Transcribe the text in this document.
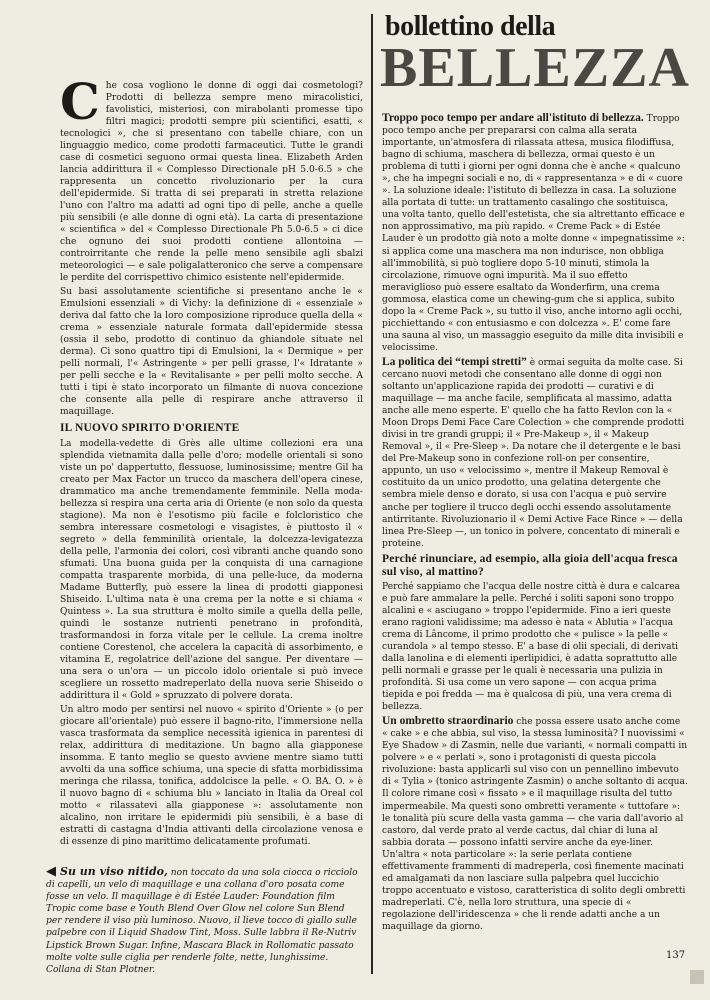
bollettino della
BELLEZZA

Che cosa vogliono le donne di oggi dai cosmetologi? Prodotti di bellezza sempre meno miracolistici, favolistici, misteriosi, con mirabolanti promesse tipo filtri magici; prodotti sempre più scientifici, esatti, « tecnologici », che si presentano con tabelle chiare, con un linguaggio medico, come prodotti farmaceutici. Tutte le grandi case di cosmetici seguono ormai questa linea. Elizabeth Arden lancia addirittura il « Complesso Directionale pH 5.0-6.5 » che rappresenta un concetto rivoluzionario per la cura dell'epidermide. Si tratta di sei preparati in stretta relazione l'uno con l'altro ma adatti ad ogni tipo di pelle, anche a quelle più sensibili (e alle donne di ogni età). La carta di presentazione « scientifica » del « Complesso Directionale Ph 5.0-6.5 » ci dice che ognuno dei suoi prodotti contiene allontoina — controirritante che rende la pelle meno sensibile agli sbalzi meteorologici — e sale poligalatteronico che serve a compensare le perdite del corrispettivo chimico esistente nell'epidermide.

Su basi assolutamente scientifiche si presentano anche le « Emulsioni essenziali » di Vichy: la definizione di « essenziale » deriva dal fatto che la loro composizione riproduce quella della « crema » essenziale naturale formata dall'epidermide stessa (ossia il sebo, prodotto di continuo da ghiandole situate nel derma). Ci sono quattro tipi di Emulsioni, la « Dermique » per pelli normali, l'« Astringente » per pelli grasse, l'« Idratante » per pelli secche e la « Revitalisante » per pelli molto secche. A tutti i tipi è stato incorporato un filmante di nuova concezione che consente alla pelle di respirare anche attraverso il maquillage.

IL NUOVO SPIRITO D'ORIENTE

La modella-vedette di Grès alle ultime collezioni era una splendida vietnamita dalla pelle d'oro; modelle orientali si sono viste un po' dappertutto, flessuose, luminosissime; mentre Gil ha creato per Max Factor un trucco da maschera dell'opera cinese, drammatico ma anche tremendamente femminile. Nella moda-bellezza si respira una certa aria di Oriente (e non solo da questa stagione). Ma non è l'esotismo più facile e folcloristico che sembra interessare cosmetologi e visagistes, è piuttosto il « segreto » della femminilità orientale, la dolcezza-levigatezza della pelle, l'armonia dei colori, così vibranti anche quando sono sfumati. Una buona guida per la conquista di una carnagione compatta trasparente morbida, di una pelle-luce, da moderna Madame Butterfly, può essere la linea di prodotti giapponesi Shiseido. L'ultima nata è una crema per la notte e si chiama « Quintess ». La sua struttura è molto simile a quella della pelle, quindi le sostanze nutrienti penetrano in profondità, trasformandosi in forza vitale per le cellule. La crema inoltre contiene Corestenol, che accelera la capacità di assorbimento, e vitamina E, regolatrice dell'azione del sangue. Per diventare — una sera o un'ora — un piccolo idolo orientale si può invece scegliere un rossetto madreperlato della nuova serie Shiseido o addirittura il « Gold » spruzzato di polvere dorata.

Un altro modo per sentirsi nel nuovo « spirito d'Oriente » (o per giocare all'orientale) può essere il bagno-rito, l'immersione nella vasca trasformata da semplice necessità igienica in parentesi di relax, addirittura di meditazione. Un bagno alla giapponese insomma. E tanto meglio se questo avviene mentre siamo tutti avvolti da una soffice schiuma, una specie di sfatta morbidissima meringa che rilassa, tonifica, addolcisce la pelle. « O. BA. O. » è il nuovo bagno di « schiuma blu » lanciato in Italia da Oreal col motto « rilassatevi alla giapponese »: assolutamente non alcalino, non irritare le epidermidi più sensibili, è a base di estratti di castagna d'India attivanti della circolazione venosa e di essenze di pino marittimo delicatamente profumati.

◀ Su un viso nitido, non toccato da una sola ciocca o ricciolo di capelli, un velo di maquillage e una collana d'oro posata come fosse un velo. Il maquillage è di Estée Lauder: Foundation film Tropic come base e Youth Blend Over Glow nel colore Sun Blend per rendere il viso più luminoso. Nuovo, il lieve tocco di giallo sulle palpebre con il Liquid Shadow Tint, Moss. Sulle labbra il Re-Nutriv Lipstick Brown Sugar. Infine, Mascara Black in Rollomatic passato molte volte sulle ciglia per renderle folte, nette, lunghissime. Collana di Stan Plotner.

Troppo poco tempo per andare all'istituto di bellezza. Troppo poco tempo anche per prepararsi con calma alla serata importante, un'atmosfera di rilassata attesa, musica filodiffusa, bagno di schiuma, maschera di bellezza, ormai questo è un problema di tutti i giorni per ogni donna che è anche « qualcuno », che ha impegni sociali e no, di « rappresentanza » e di « cuore ». La soluzione ideale: l'istituto di bellezza in casa. La soluzione alla portata di tutte: un trattamento casalingo che sostituisca, una volta tanto, quello dell'estetista, che sia altrettanto efficace e non approssimativo, ma più rapido. « Creme Pack » di Estée Lauder è un prodotto già noto a molte donne « impegnatissime »: si applica come una maschera ma non indurisce, non obbliga all'immobilità, si può togliere dopo 5-10 minuti, stimola la circolazione, rimuove ogni impurità. Ma il suo effetto meraviglioso può essere esaltato da Wonderfirm, una crema gommosa, elastica come un chewing-gum che si applica, subito dopo la « Creme Pack », su tutto il viso, anche intorno agli occhi, picchiettando « con entusiasmo e con dolcezza ». E' come fare una sauna al viso, un massaggio eseguito da mille dita invisibili e velocissime.

La politica dei “tempi stretti” è ormai seguita da molte case. Si cercano nuovi metodi che consentano alle donne di oggi non soltanto un'applicazione rapida dei prodotti — curativi e di maquillage — ma anche facile, semplificata al massimo, adatta anche alle meno esperte. E' quello che ha fatto Revlon con la « Moon Drops Demi Face Care Colection » che comprende prodotti divisi in tre grandi gruppi; il « Pre-Makeup », il « Makeup Removal », il « Pre-Sleep ». Da notare che il detergente e le basi del Pre-Makeup sono in confezione roll-on per consentire, appunto, un uso « velocissimo », mentre il Makeup Removal è costituito da un unico prodotto, una gelatina detergente che sembra miele denso e dorato, si usa con l'acqua e può servire anche per togliere il trucco degli occhi essendo assolutamente antirritante. Rivoluzionario il « Demi Active Face Rince » — della linea Pre-Sleep —, un tonico in polvere, concentato di minerali e proteine.

Perché rinunciare, ad esempio, alla gioia dell'acqua fresca sul viso, al mattino?

Perché sappiamo che l'acqua delle nostre città è dura e calcarea e può fare ammalare la pelle. Perché i soliti saponi sono troppo alcalini e « asciugano » troppo l'epidermide. Fino a ieri queste erano ragioni validissime; ma adesso è nata « Ablutia » l'acqua crema di Lâncome, il primo prodotto che « pulisce » la pelle « curandola » al tempo stesso. E' a base di olii speciali, di derivati dalla lanolina e di elementi iperlipidici, è adatta soprattutto alle pelli normali e grasse per le quali è necessaria una pulizia in profondità. Si usa come un vero sapone — con acqua prima tiepida e poi fredda — ma è qualcosa di più, una vera crema di bellezza.

Un ombretto straordinario che possa essere usato anche come « cake » e che abbia, sul viso, la stessa luminosità? I nuovissimi « Eye Shadow » di Zasmin, nelle due varianti, « normali compatti in polvere » e « perlati », sono i protagonisti di questa piccola rivoluzione: basta applicarli sul viso con un pennellino imbevuto di « Tylia » (tonico astringente Zasmin) o anche soltanto di acqua. Il colore rimane così « fissato » e il maquillage risulta del tutto impermeabile. Ma questi sono ombretti veramente « tuttofare »: le tonalità più scure della vasta gamma — che varia dall'avorio al castoro, dal verde prato al verde cactus, dal chiar di luna al sabbia dorata — possono infatti servire anche da eye-liner. Un'altra « nota particolare »: la serie perlata contiene effettivamente frammenti di madreperla, così finemente macinati ed amalgamati da non lasciare sulla palpebra quel luccichio troppo accentuato e vistoso, caratteristica di solito degli ombretti madreperlati. C'è, nella loro struttura, una specie di « regolazione dell'iridescenza » che li rende adatti anche a un maquillage da giorno.

137
